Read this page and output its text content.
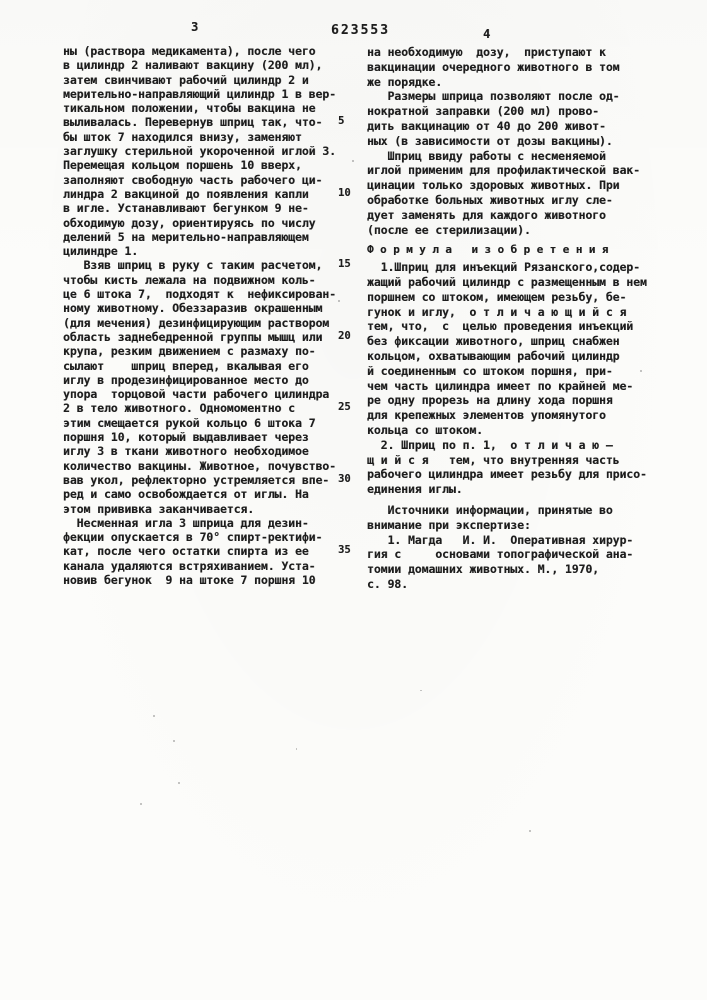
3	623553	4
ны (раствора медикамента), после чего
в цилиндр 2 наливают вакцину (200 мл),
затем свинчивают рабочий цилиндр 2 и
мерительно-направляющий цилиндр 1 в вер-
тикальном положении, чтобы вакцина не
выливалась. Перевернув шприц так, что-
бы шток 7 находился внизу, заменяют
заглушку стерильной укороченной иглой 3.
Перемещая кольцом поршень 10 вверх,
заполняют свободную часть рабочего ци-
линдра 2 вакциной до появления капли
в игле. Устанавливают бегунком 9 не-
обходимую дозу, ориентируясь по числу
делений 5 на мерительно-направляющем
цилиндре 1.
Взяв шприц в руку с таким расчетом,
чтобы кисть лежала на подвижном коль-
це 6 штока 7,  подходят к  нефиксирован-
ному животному. Обеззаразив окрашенным
(для мечения) дезинфицирующим раствором
область заднебедренной группы мышц или
крупа, резким движением с размаху по-
сылают    шприц вперед, вкалывая его
иглу в продезинфицированное место до
упора  торцовой части рабочего цилиндра
2 в тело животного. Одномоментно с
этим смещается рукой кольцо 6 штока 7
поршня 10, который выдавливает через
иглу 3 в ткани животного необходимое
количество вакцины. Животное, почувство-
вав укол, рефлекторно устремляется впе-
ред и само освобождается от иглы. На
этом прививка заканчивается.
Несменная игла 3 шприца для дезин-
фекции опускается в 70° спирт-ректифи-
кат, после чего остатки спирта из ее
канала удаляются встряхиванием. Уста-
новив бегунок  9 на штоке 7 поршня 10
5
10
15
20
25
30
35
на необходимую  дозу,  приступают к
вакцинации очередного животного в том
же порядке.
Размеры шприца позволяют после од-
нократной заправки (200 мл) прово-
дить вакцинацию от 40 до 200 живот-
ных (в зависимости от дозы вакцины).
Шприц ввиду работы с несменяемой
иглой применим для профилактической вак-
цинации только здоровых животных. При
обработке больных животных иглу сле-
дует заменять для каждого животного
(после ее стерилизации).
Ф о р м у л а   и з о б р е т е н и я
1.Шприц для инъекций Рязанского,содер-
жащий рабочий цилиндр с размещенным в нем
поршнем со штоком, имеющем резьбу, бе-
гунок и иглу,  о т л и ч а ю щ и й с я
тем, что,  с  целью проведения инъекций
без фиксации животного, шприц снабжен
кольцом, охватывающим рабочий цилиндр
й соединенным со штоком поршня, при-
чем часть цилиндра имеет по крайней ме-
ре одну прорезь на длину хода поршня
для крепежных элементов упомянутого
кольца со штоком.
2. Шприц по п. 1,  о т л и ч а ю —
щ и й с я   тем, что внутренняя часть
рабочего цилиндра имеет резьбу для присо-
единения иглы.
Источники информации, принятые во
внимание при экспертизе:
1. Магда   И. И.  Оперативная хирур-
гия с     основами топографической ана-
томии домашних животных. М., 1970,
с. 98.
